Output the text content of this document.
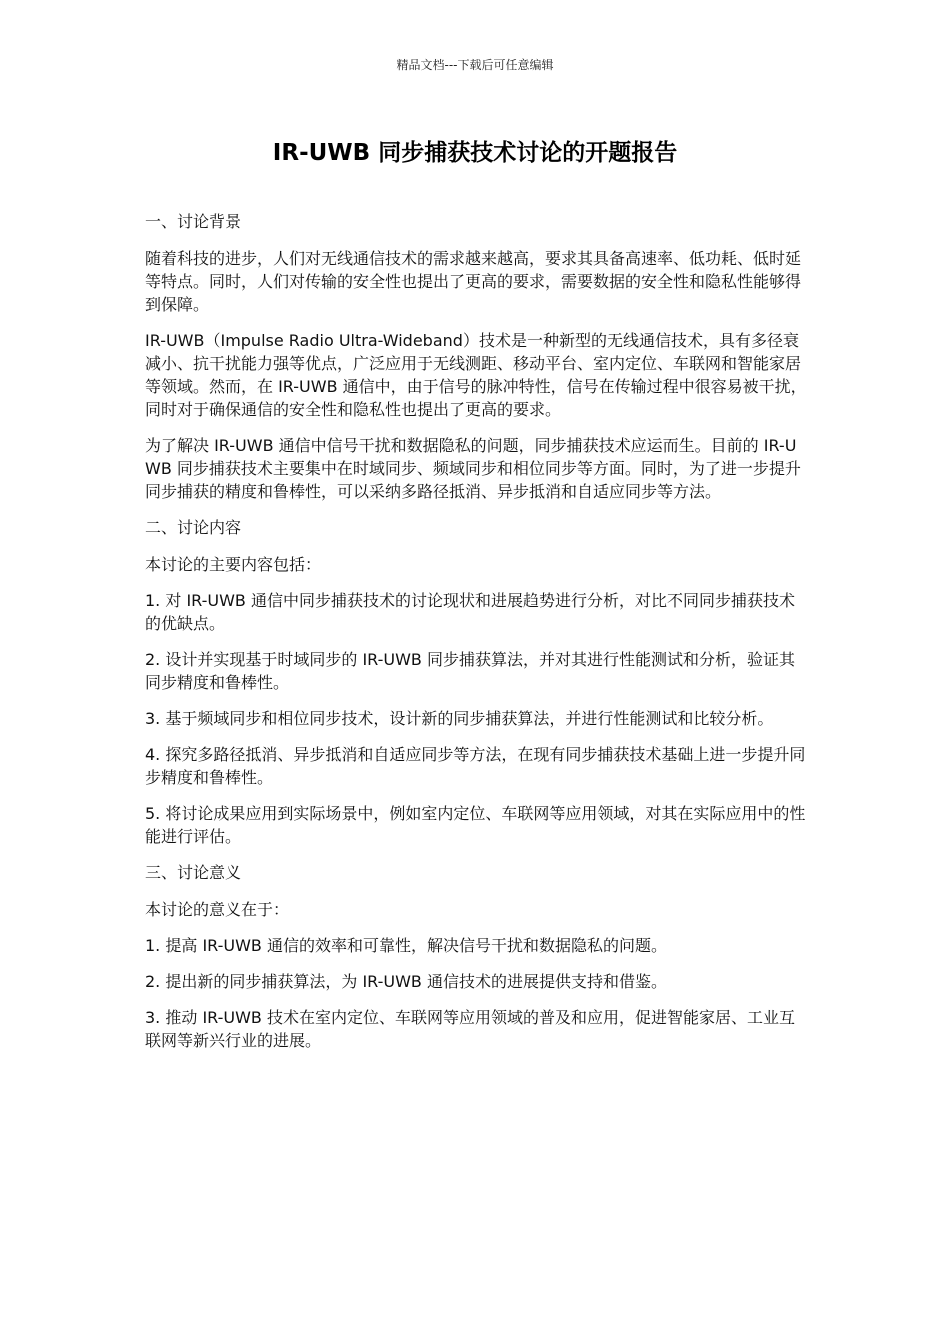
精品文档---下载后可任意编辑
IR-UWB 同步捕获技术讨论的开题报告

一、讨论背景

随着科技的进步，人们对无线通信技术的需求越来越高，要求其具备高速率、低功耗、低时延等特点。同时，人们对传输的安全性也提出了更高的要求，需要数据的安全性和隐私性能够得到保障。

IR-UWB（Impulse Radio Ultra-Wideband）技术是一种新型的无线通信技术，具有多径衰减小、抗干扰能力强等优点，广泛应用于无线测距、移动平台、室内定位、车联网和智能家居等领域。然而，在 IR-UWB 通信中，由于信号的脉冲特性，信号在传输过程中很容易被干扰，同时对于确保通信的安全性和隐私性也提出了更高的要求。

为了解决 IR-UWB 通信中信号干扰和数据隐私的问题，同步捕获技术应运而生。目前的 IR-UWB 同步捕获技术主要集中在时域同步、频域同步和相位同步等方面。同时，为了进一步提升同步捕获的精度和鲁棒性，可以采纳多路径抵消、异步抵消和自适应同步等方法。

二、讨论内容

本讨论的主要内容包括：

1. 对 IR-UWB 通信中同步捕获技术的讨论现状和进展趋势进行分析，对比不同同步捕获技术的优缺点。

2. 设计并实现基于时域同步的 IR-UWB 同步捕获算法，并对其进行性能测试和分析，验证其同步精度和鲁棒性。

3. 基于频域同步和相位同步技术，设计新的同步捕获算法，并进行性能测试和比较分析。

4. 探究多路径抵消、异步抵消和自适应同步等方法，在现有同步捕获技术基础上进一步提升同步精度和鲁棒性。

5. 将讨论成果应用到实际场景中，例如室内定位、车联网等应用领域，对其在实际应用中的性能进行评估。

三、讨论意义

本讨论的意义在于：

1. 提高 IR-UWB 通信的效率和可靠性，解决信号干扰和数据隐私的问题。

2. 提出新的同步捕获算法，为 IR-UWB 通信技术的进展提供支持和借鉴。

3. 推动 IR-UWB 技术在室内定位、车联网等应用领域的普及和应用，促进智能家居、工业互联网等新兴行业的进展。
